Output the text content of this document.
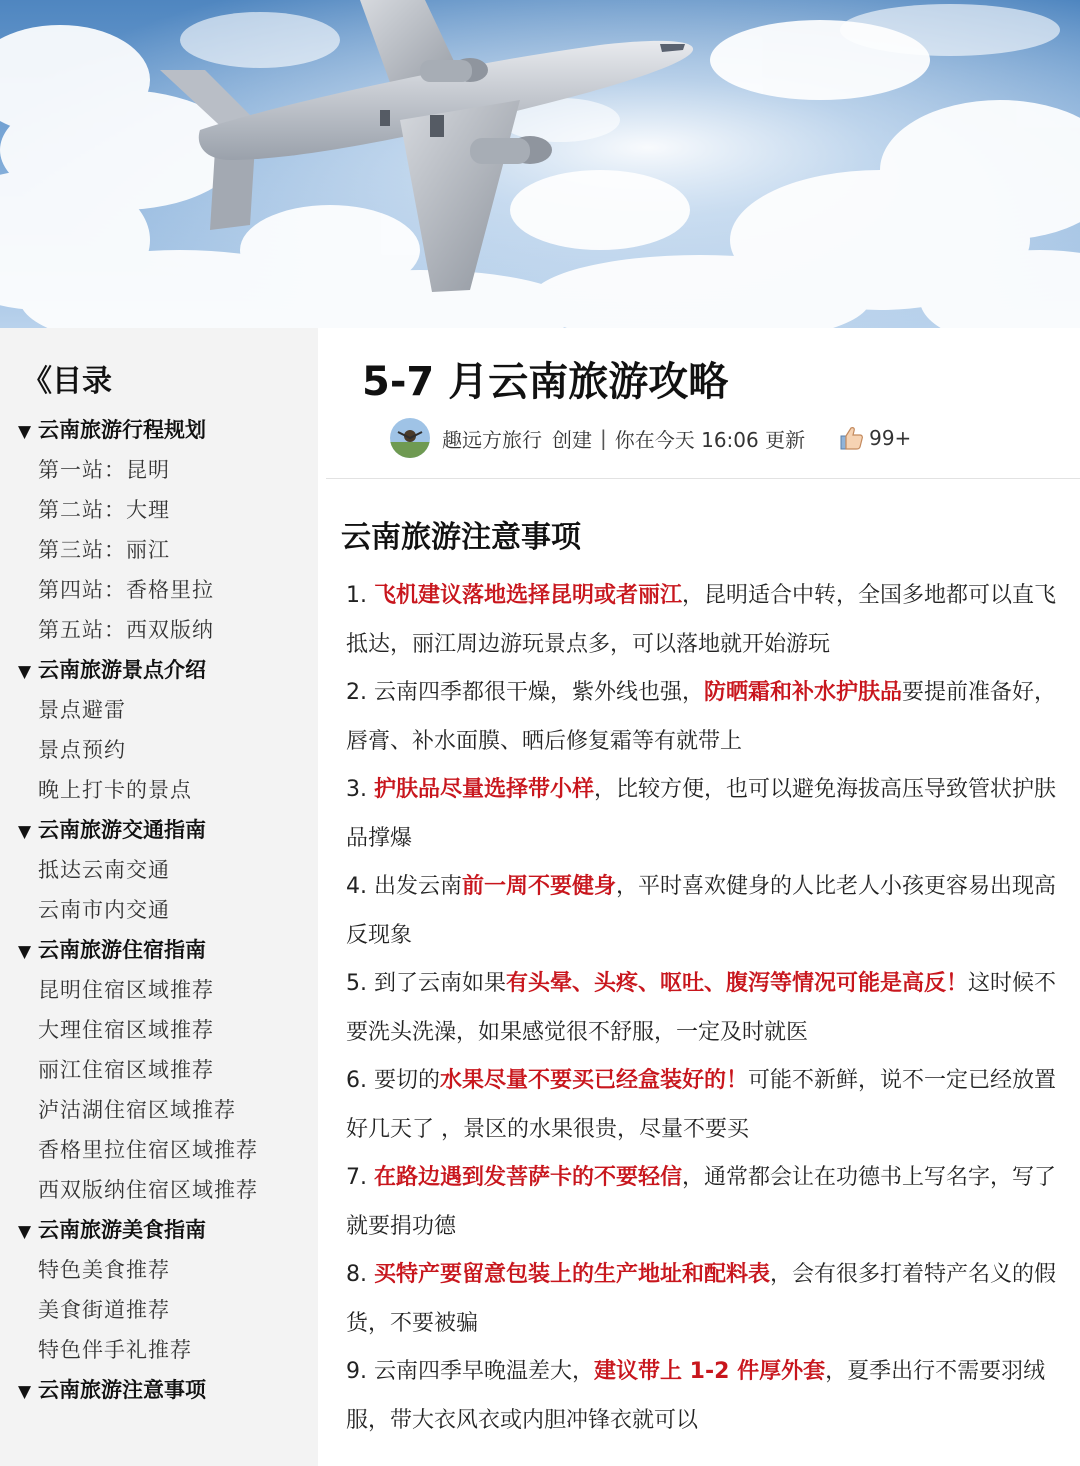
《目录
▼ 云南旅游行程规划
第一站：昆明
第二站：大理
第三站：丽江
第四站：香格里拉
第五站：西双版纳
▼ 云南旅游景点介绍
景点避雷
景点预约
晚上打卡的景点
▼ 云南旅游交通指南
抵达云南交通
云南市内交通
▼ 云南旅游住宿指南
昆明住宿区域推荐
大理住宿区域推荐
丽江住宿区域推荐
泸沽湖住宿区域推荐
香格里拉住宿区域推荐
西双版纳住宿区域推荐
▼ 云南旅游美食指南
特色美食推荐
美食街道推荐
特色伴手礼推荐
▼ 云南旅游注意事项
5-7 月云南旅游攻略
趣远方旅行 创建 | 你在今天 16:06 更新	99+
云南旅游注意事项
1. 飞机建议落地选择昆明或者丽江，昆明适合中转，全国多地都可以直飞抵达，丽江周边游玩景点多，可以落地就开始游玩
2. 云南四季都很干燥，紫外线也强，防晒霜和补水护肤品要提前准备好，唇膏、补水面膜、晒后修复霜等有就带上
3. 护肤品尽量选择带小样，比较方便，也可以避免海拔高压导致管状护肤品撑爆
4. 出发云南前一周不要健身，平时喜欢健身的人比老人小孩更容易出现高反现象
5. 到了云南如果有头晕、头疼、呕吐、腹泻等情况可能是高反！这时候不要洗头洗澡，如果感觉很不舒服，一定及时就医
6. 要切的水果尽量不要买已经盒装好的！可能不新鲜，说不一定已经放置好几天了 ，景区的水果很贵，尽量不要买
7. 在路边遇到发菩萨卡的不要轻信，通常都会让在功德书上写名字，写了就要捐功德
8. 买特产要留意包装上的生产地址和配料表，会有很多打着特产名义的假货，不要被骗
9. 云南四季早晚温差大，建议带上 1-2 件厚外套，夏季出行不需要羽绒服，带大衣风衣或内胆冲锋衣就可以
